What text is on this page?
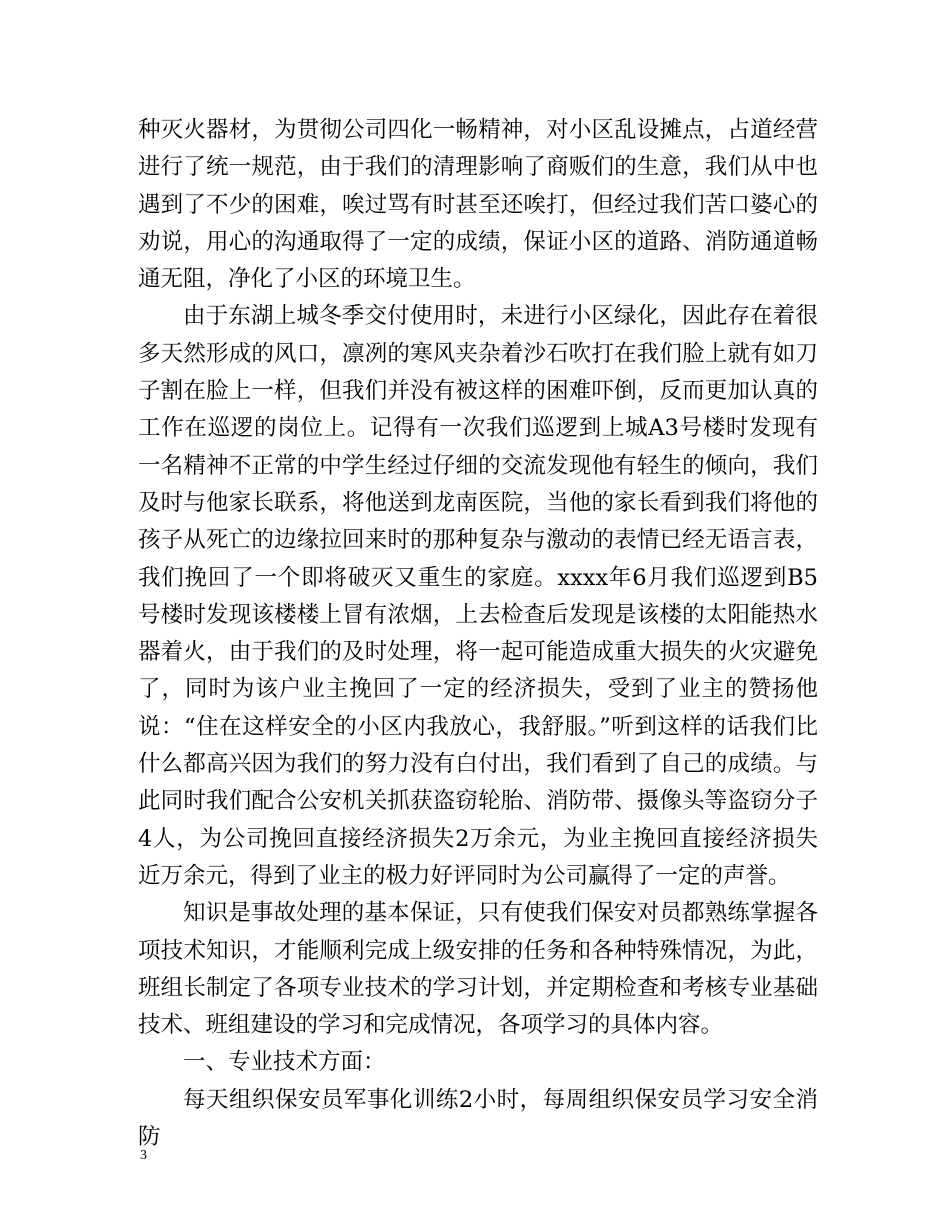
种灭火器材，为贯彻公司四化一畅精神，对小区乱设摊点，占道经营进行了统一规范，由于我们的清理影响了商贩们的生意，我们从中也遇到了不少的困难，唉过骂有时甚至还唉打，但经过我们苦口婆心的劝说，用心的沟通取得了一定的成绩，保证小区的道路、消防通道畅通无阻，净化了小区的环境卫生。

由于东湖上城冬季交付使用时，未进行小区绿化，因此存在着很多天然形成的风口，凛冽的寒风夹杂着沙石吹打在我们脸上就有如刀子割在脸上一样，但我们并没有被这样的困难吓倒，反而更加认真的工作在巡逻的岗位上。记得有一次我们巡逻到上城A3号楼时发现有一名精神不正常的中学生经过仔细的交流发现他有轻生的倾向，我们及时与他家长联系，将他送到龙南医院，当他的家长看到我们将他的孩子从死亡的边缘拉回来时的那种复杂与激动的表情已经无语言表，我们挽回了一个即将破灭又重生的家庭。xxxx年6月我们巡逻到B5号楼时发现该楼楼上冒有浓烟，上去检查后发现是该楼的太阳能热水器着火，由于我们的及时处理，将一起可能造成重大损失的火灾避免了，同时为该户业主挽回了一定的经济损失，受到了业主的赞扬他说：“住在这样安全的小区内我放心，我舒服。”听到这样的话我们比什么都高兴因为我们的努力没有白付出，我们看到了自己的成绩。与此同时我们配合公安机关抓获盗窃轮胎、消防带、摄像头等盗窃分子4人，为公司挽回直接经济损失2万余元，为业主挽回直接经济损失近万余元，得到了业主的极力好评同时为公司赢得了一定的声誉。

知识是事故处理的基本保证，只有使我们保安对员都熟练掌握各项技术知识，才能顺利完成上级安排的任务和各种特殊情况，为此，班组长制定了各项专业技术的学习计划，并定期检查和考核专业基础技术、班组建设的学习和完成情况，各项学习的具体内容。

一、专业技术方面：

每天组织保安员军事化训练2小时，每周组织保安员学习安全消防

3
